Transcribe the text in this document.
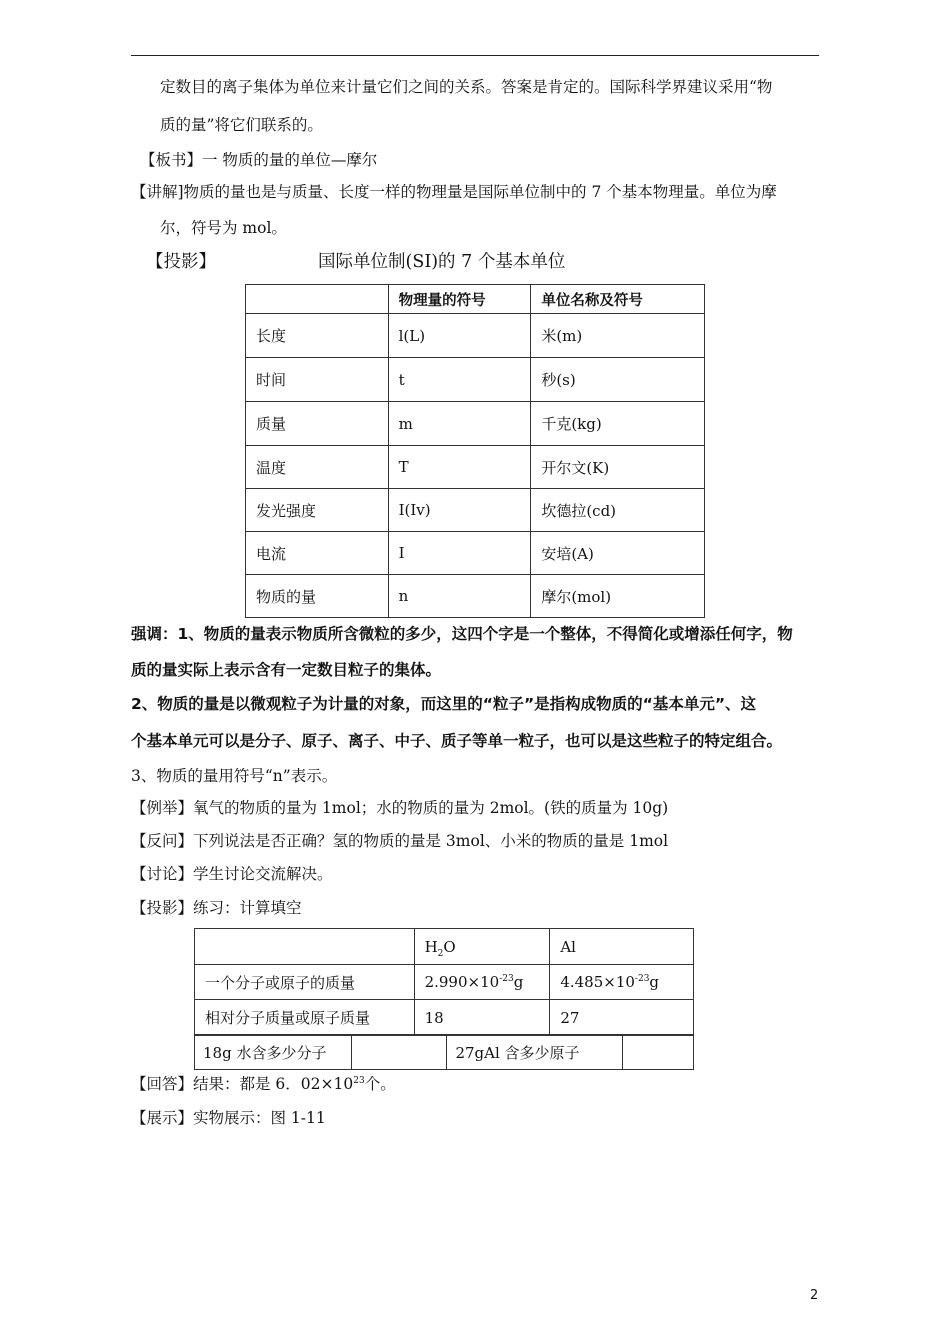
定数目的离子集体为单位来计量它们之间的关系。答案是肯定的。国际科学界建议采用“物
质的量”将它们联系的。
【板书】一 物质的量的单位—摩尔
【讲解]物质的量也是与质量、长度一样的物理量是国际单位制中的 7 个基本物理量。单位为摩
尔，符号为 mol。
【投影】	国际单位制(SI)的 7 个基本单位
	物理量的符号	单位名称及符号
长度	l(L)	米(m)
时间	t	秒(s)
质量	m	千克(kg)
温度	T	开尔文(K)
发光强度	I(Iv)	坎德拉(cd)
电流	I	安培(A)
物质的量	n	摩尔(mol)
强调：1、物质的量表示物质所含微粒的多少，这四个字是一个整体，不得简化或增添任何字，物
质的量实际上表示含有一定数目粒子的集体。
2、物质的量是以微观粒子为计量的对象，而这里的“粒子”是指构成物质的“基本单元”、这
个基本单元可以是分子、原子、离子、中子、质子等单一粒子，也可以是这些粒子的特定组合。
3、物质的量用符号“n”表示。
【例举】氧气的物质的量为 1mol；水的物质的量为 2mol。(铁的质量为 10g)
【反问】下列说法是否正确？氢的物质的量是 3mol、小米的物质的量是 1mol
【讨论】学生讨论交流解决。
【投影】练习：计算填空
	$H_2O$	Al
一个分子或原子的质量	$2.990\times 10^{-23}g$	$4.485\times 10^{-23}g$
相对分子质量或原子质量	18	27
18g 水含多少分子		27gAl 含多少原子	
【回答】结果：都是 6．$02\times 10^{23}$个。
【展示】实物展示：图 1-11
2
